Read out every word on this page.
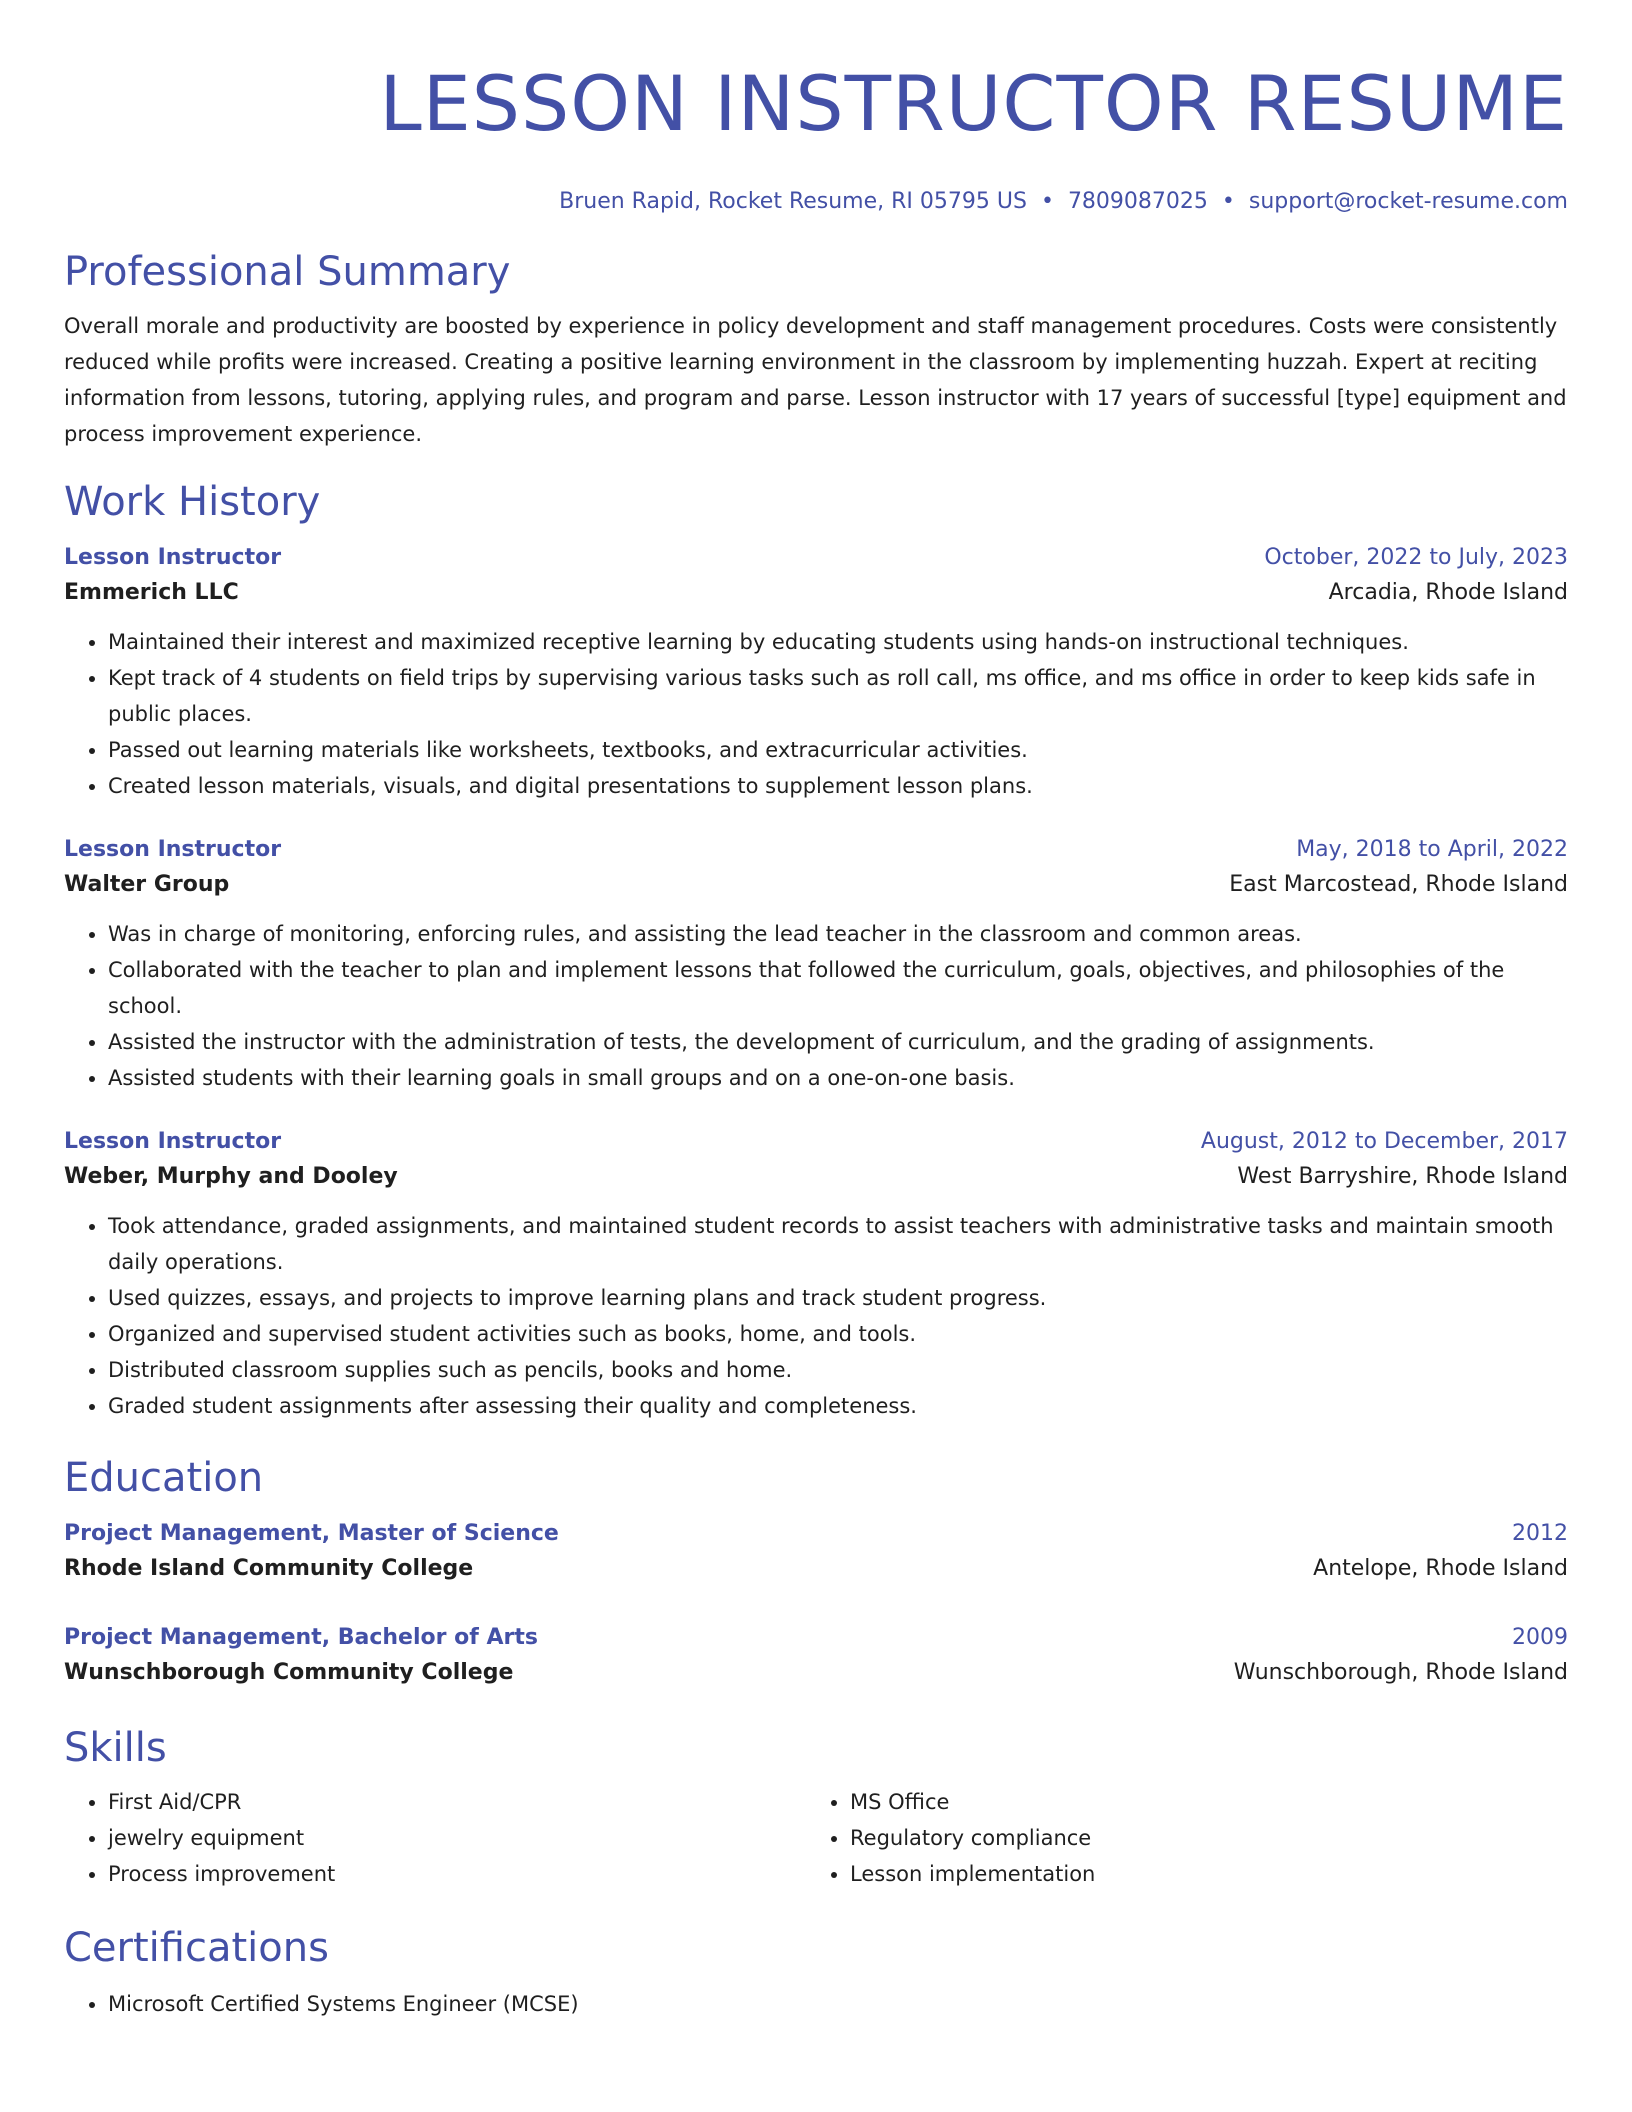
LESSON INSTRUCTOR RESUME
Bruen Rapid, Rocket Resume, RI 05795 US • 7809087025 • support@rocket-resume.com
Professional Summary

Overall morale and productivity are boosted by experience in policy development and staff management procedures. Costs were consistently reduced while profits were increased. Creating a positive learning environment in the classroom by implementing huzzah. Expert at reciting information from lessons, tutoring, applying rules, and program and parse. Lesson instructor with 17 years of successful [type] equipment and process improvement experience.

Work History
Lesson Instructor	October, 2022 to July, 2023
Emmerich LLC	Arcadia, Rhode Island
• Maintained their interest and maximized receptive learning by educating students using hands-on instructional techniques.
• Kept track of 4 students on field trips by supervising various tasks such as roll call, ms office, and ms office in order to keep kids safe in public places.
• Passed out learning materials like worksheets, textbooks, and extracurricular activities.
• Created lesson materials, visuals, and digital presentations to supplement lesson plans.
Lesson Instructor	May, 2018 to April, 2022
Walter Group	East Marcostead, Rhode Island
• Was in charge of monitoring, enforcing rules, and assisting the lead teacher in the classroom and common areas.
• Collaborated with the teacher to plan and implement lessons that followed the curriculum, goals, objectives, and philosophies of the school.
• Assisted the instructor with the administration of tests, the development of curriculum, and the grading of assignments.
• Assisted students with their learning goals in small groups and on a one-on-one basis.
Lesson Instructor	August, 2012 to December, 2017
Weber, Murphy and Dooley	West Barryshire, Rhode Island
• Took attendance, graded assignments, and maintained student records to assist teachers with administrative tasks and maintain smooth daily operations.
• Used quizzes, essays, and projects to improve learning plans and track student progress.
• Organized and supervised student activities such as books, home, and tools.
• Distributed classroom supplies such as pencils, books and home.
• Graded student assignments after assessing their quality and completeness.
Education
Project Management, Master of Science	2012
Rhode Island Community College	Antelope, Rhode Island
Project Management, Bachelor of Arts	2009
Wunschborough Community College	Wunschborough, Rhode Island
Skills
• First Aid/CPR
• jewelry equipment
• Process improvement
• MS Office
• Regulatory compliance
• Lesson implementation
Certifications
• Microsoft Certified Systems Engineer (MCSE)
